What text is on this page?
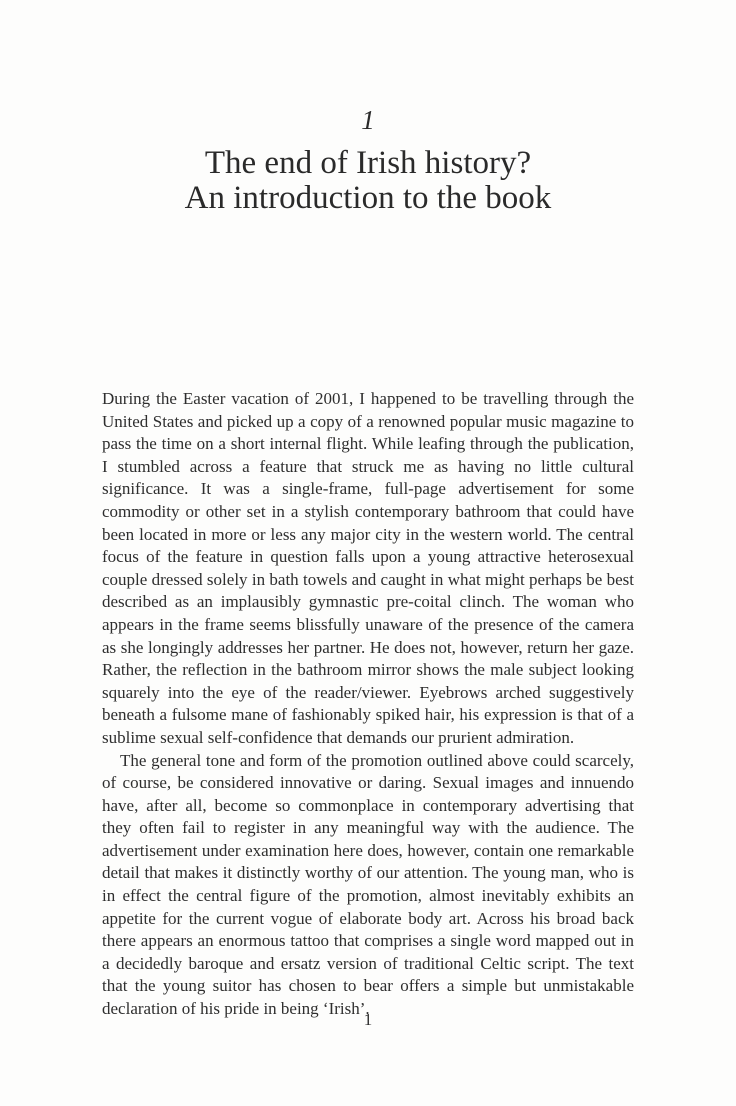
1
The end of Irish history?
An introduction to the book

During the Easter vacation of 2001, I happened to be travelling through the United States and picked up a copy of a renowned popular music magazine to pass the time on a short internal flight. While leafing through the publication, I stumbled across a feature that struck me as having no little cultural significance. It was a single-frame, full-page advertisement for some commodity or other set in a stylish contemporary bathroom that could have been located in more or less any major city in the western world. The central focus of the feature in question falls upon a young attractive heterosexual couple dressed solely in bath towels and caught in what might perhaps be best described as an implausibly gymnastic pre-coital clinch. The woman who appears in the frame seems blissfully unaware of the presence of the camera as she longingly addresses her partner. He does not, however, return her gaze. Rather, the reflection in the bathroom mirror shows the male subject looking squarely into the eye of the reader/viewer. Eyebrows arched suggestively beneath a fulsome mane of fashionably spiked hair, his expression is that of a sublime sexual self-confidence that demands our prurient admiration.

The general tone and form of the promotion outlined above could scarcely, of course, be considered innovative or daring. Sexual images and innuendo have, after all, become so commonplace in contemporary advertising that they often fail to register in any meaningful way with the audience. The advertisement under examination here does, however, contain one remarkable detail that makes it distinctly worthy of our attention. The young man, who is in effect the central figure of the promotion, almost inevitably exhibits an appetite for the current vogue of elaborate body art. Across his broad back there appears an enormous tattoo that comprises a single word mapped out in a decidedly baroque and ersatz version of traditional Celtic script. The text that the young suitor has chosen to bear offers a simple but unmistakable declaration of his pride in being ‘Irish’.

1
